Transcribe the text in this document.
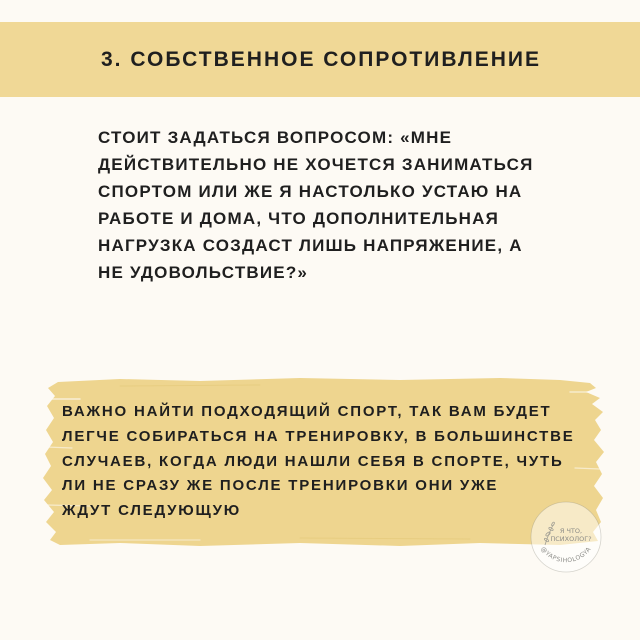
3. СОБСТВЕННОЕ СОПРОТИВЛЕНИЕ
СТОИТ ЗАДАТЬСЯ ВОПРОСОМ: «МНЕ
ДЕЙСТВИТЕЛЬНО НЕ ХОЧЕТСЯ ЗАНИМАТЬСЯ
СПОРТОМ ИЛИ ЖЕ Я НАСТОЛЬКО УСТАЮ НА
РАБОТЕ И ДОМА, ЧТО ДОПОЛНИТЕЛЬНАЯ
НАГРУЗКА СОЗДАСТ ЛИШЬ НАПРЯЖЕНИЕ, А
НЕ УДОВОЛЬСТВИЕ?»
ВАЖНО НАЙТИ ПОДХОДЯЩИЙ СПОРТ, ТАК ВАМ БУДЕТ
ЛЕГЧЕ СОБИРАТЬСЯ НА ТРЕНИРОВКУ, В БОЛЬШИНСТВЕ
СЛУЧАЕВ, КОГДА ЛЮДИ НАШЛИ СЕБЯ В СПОРТЕ, ЧУТЬ
ЛИ НЕ СРАЗУ ЖЕ ПОСЛЕ ТРЕНИРОВКИ ОНИ УЖЕ
ЖДУТ СЛЕДУЮЩУЮ
Я ЧТО,
ПСИХОЛОГ?
@YAPSIHOLOGYA
